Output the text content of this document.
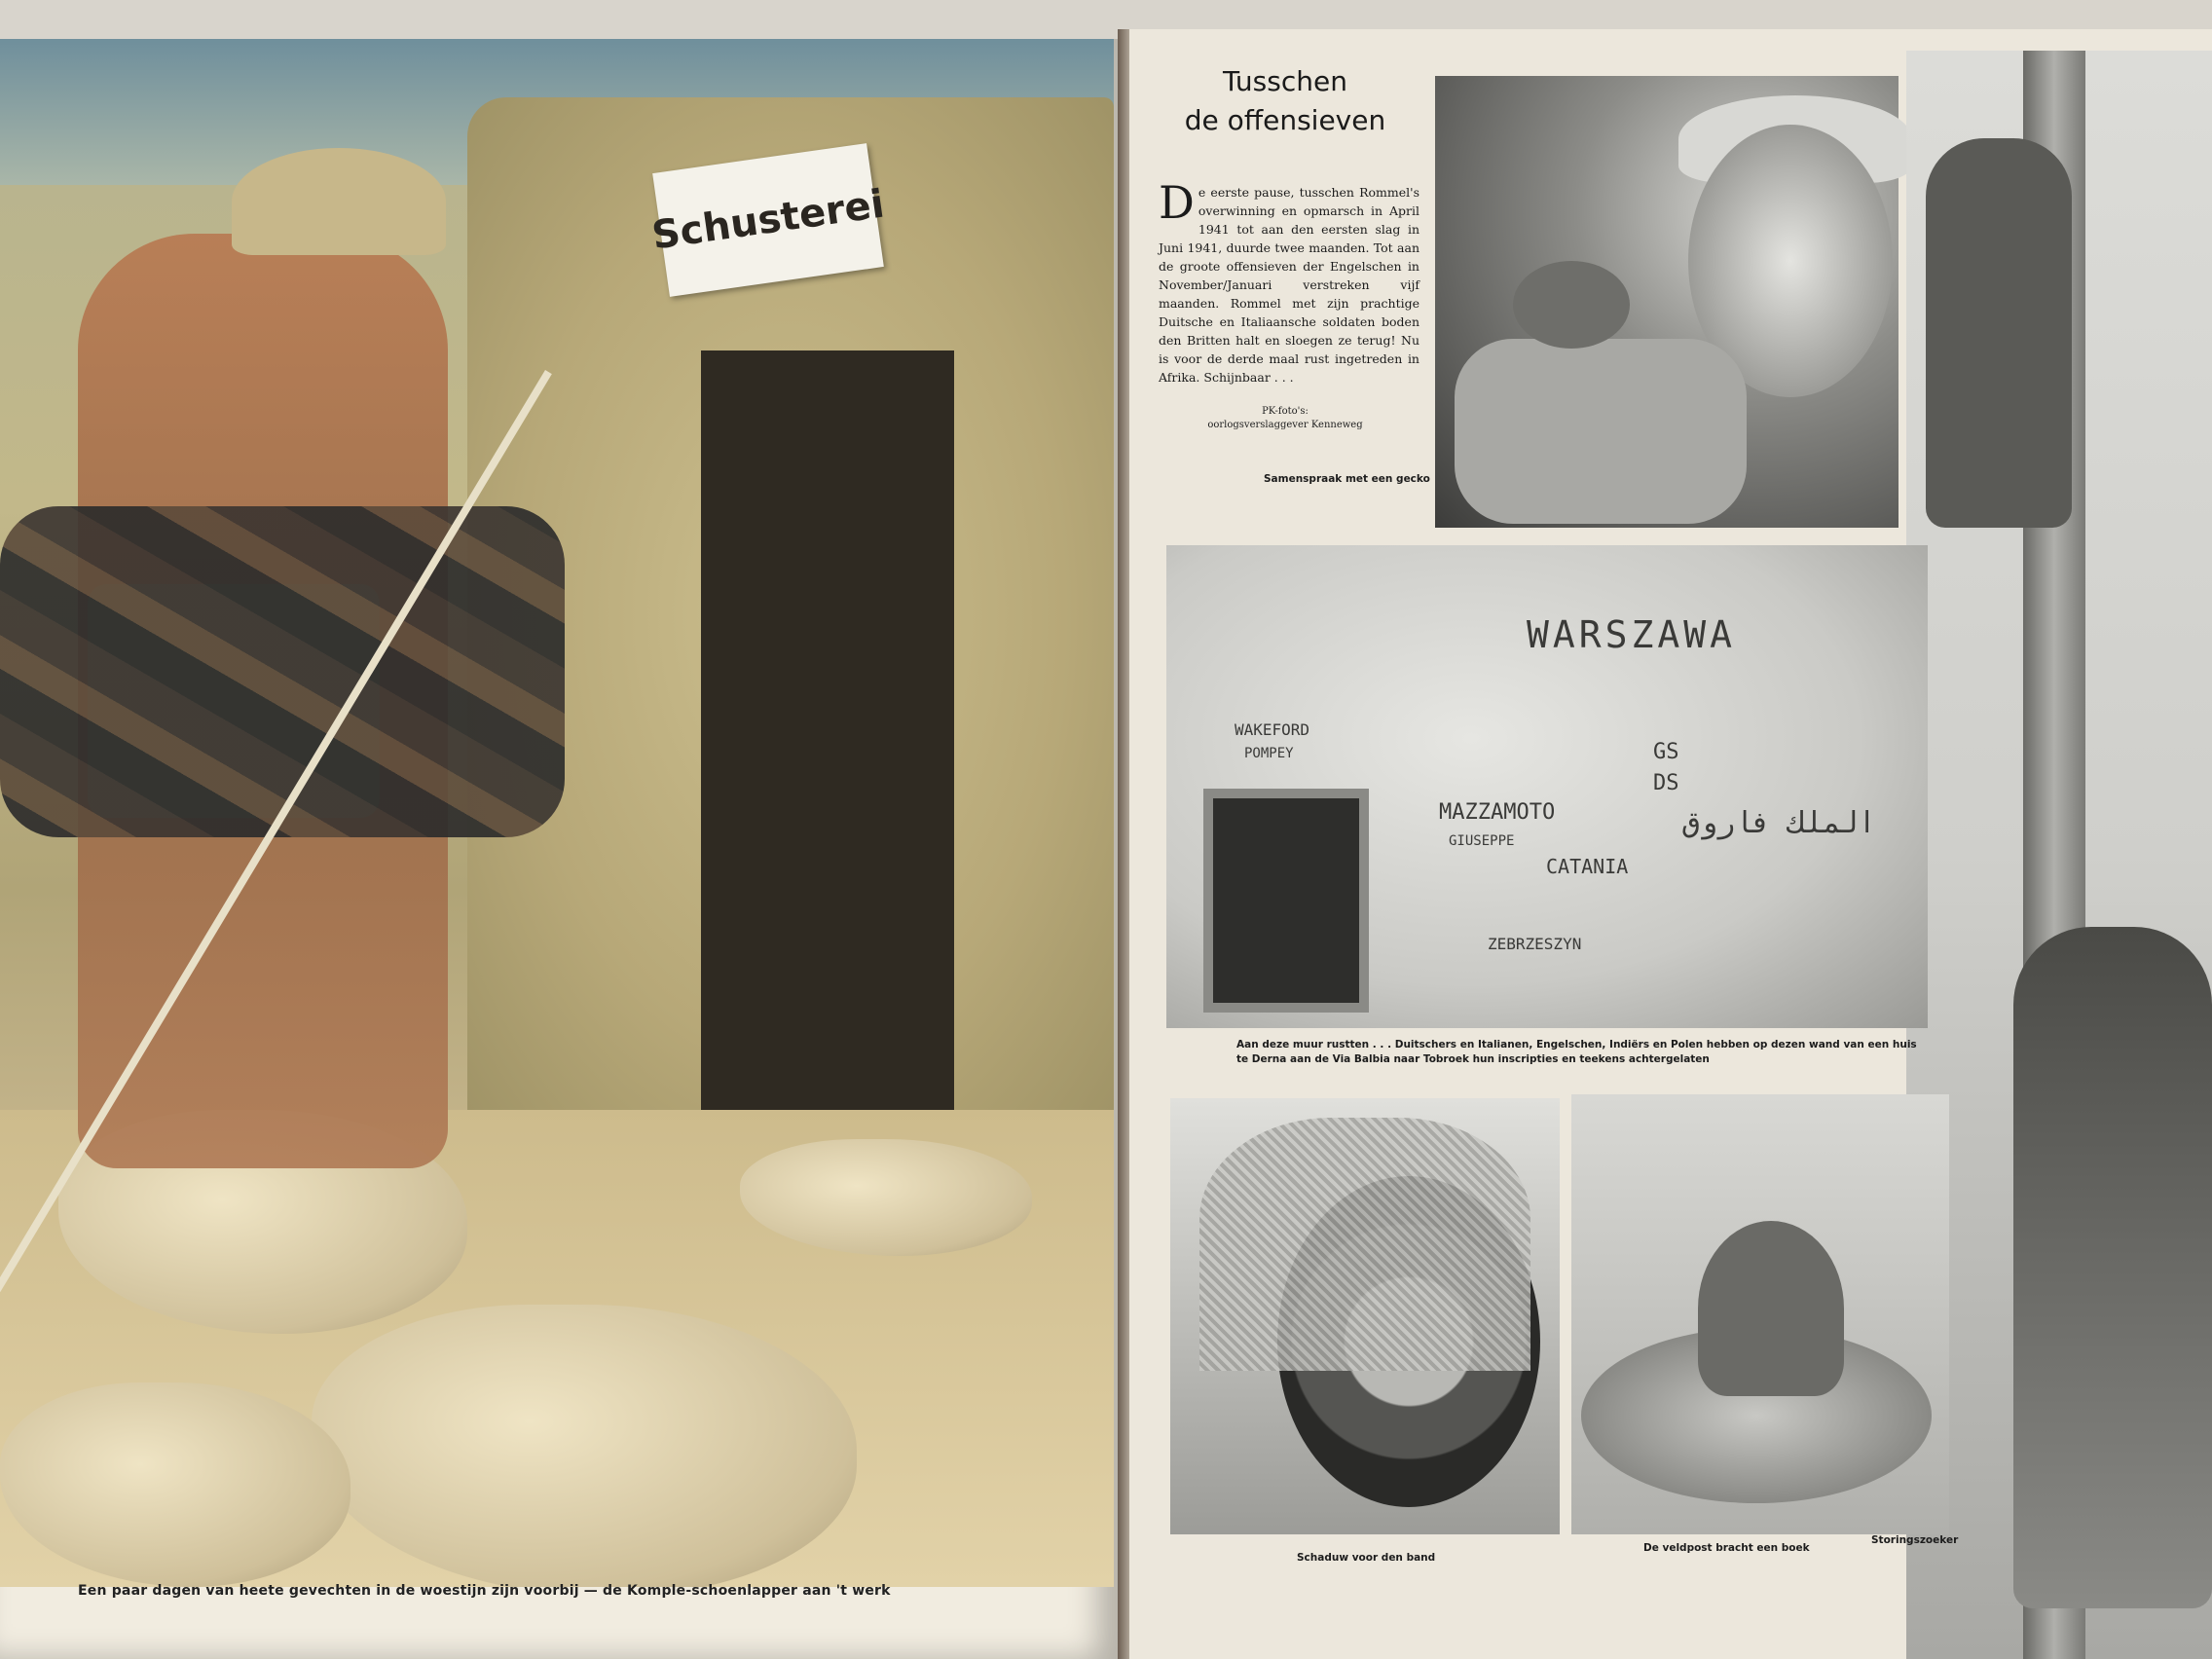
Schusterei
Een paar dagen van heete gevechten in de woestijn zijn voorbij — de Komple-schoenlapper aan 't werk
Tusschen
de offensieven
De eerste pause, tusschen Rommel's overwinning en opmarsch in April 1941 tot aan den eersten slag in Juni 1941, duurde twee maanden. Tot aan de groote offensieven der Engelschen in November/Januari verstreken vijf maanden. Rommel met zijn prachtige Duitsche en Italiaansche soldaten boden den Britten halt en sloegen ze terug! Nu is voor de derde maal rust ingetreden in Afrika. Schijnbaar . . .
PK-foto's:
oorlogsverslaggever Kenneweg
Samenspraak met een gecko
WARSZAWA
WAKEFORD
POMPEY	GS
DS
MAZZAMOTO
GIUSEPPE
CATANIA
الملك فاروق
ZEBRZESZYN
Aan deze muur rustten . . . Duitschers en Italianen, Engelschen, Indiërs en Polen hebben op dezen wand van een huis te Derna aan de Via Balbia naar Tobroek hun inscripties en teekens achtergelaten
Schaduw voor den band
De veldpost bracht een boek
Storingszoeker
